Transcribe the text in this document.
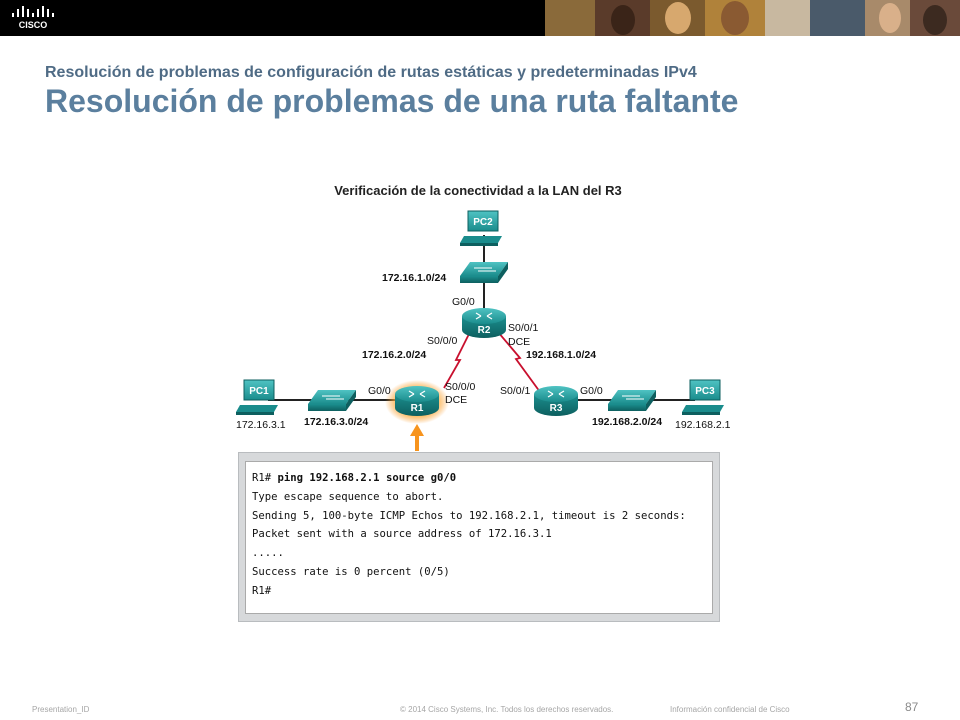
CISCO
Resolución de problemas de configuración de rutas estáticas y predeterminadas IPv4
Resolución de problemas de una ruta faltante
Verificación de la conectividad a la LAN del R3
R2
R1	R3
PC2
PC1	PC3
172.16.1.0/24
G0/0
S0/0/0
S0/0/1
DCE
172.16.2.0/24	192.168.1.0/24
G0/0	S0/0/0
DCE
S0/0/1	G0/0
172.16.3.1 172.16.3.0/24	192.168.2.0/24 192.168.2.1
R1# ping 192.168.2.1 source g0/0
Type escape sequence to abort.
Sending 5, 100-byte ICMP Echos to 192.168.2.1, timeout is 2 seconds:
Packet sent with a source address of 172.16.3.1
.....
Success rate is 0 percent (0/5)
R1#
Presentation_ID	© 2014 Cisco Systems, Inc. Todos los derechos reservados.	Información confidencial de Cisco	87
